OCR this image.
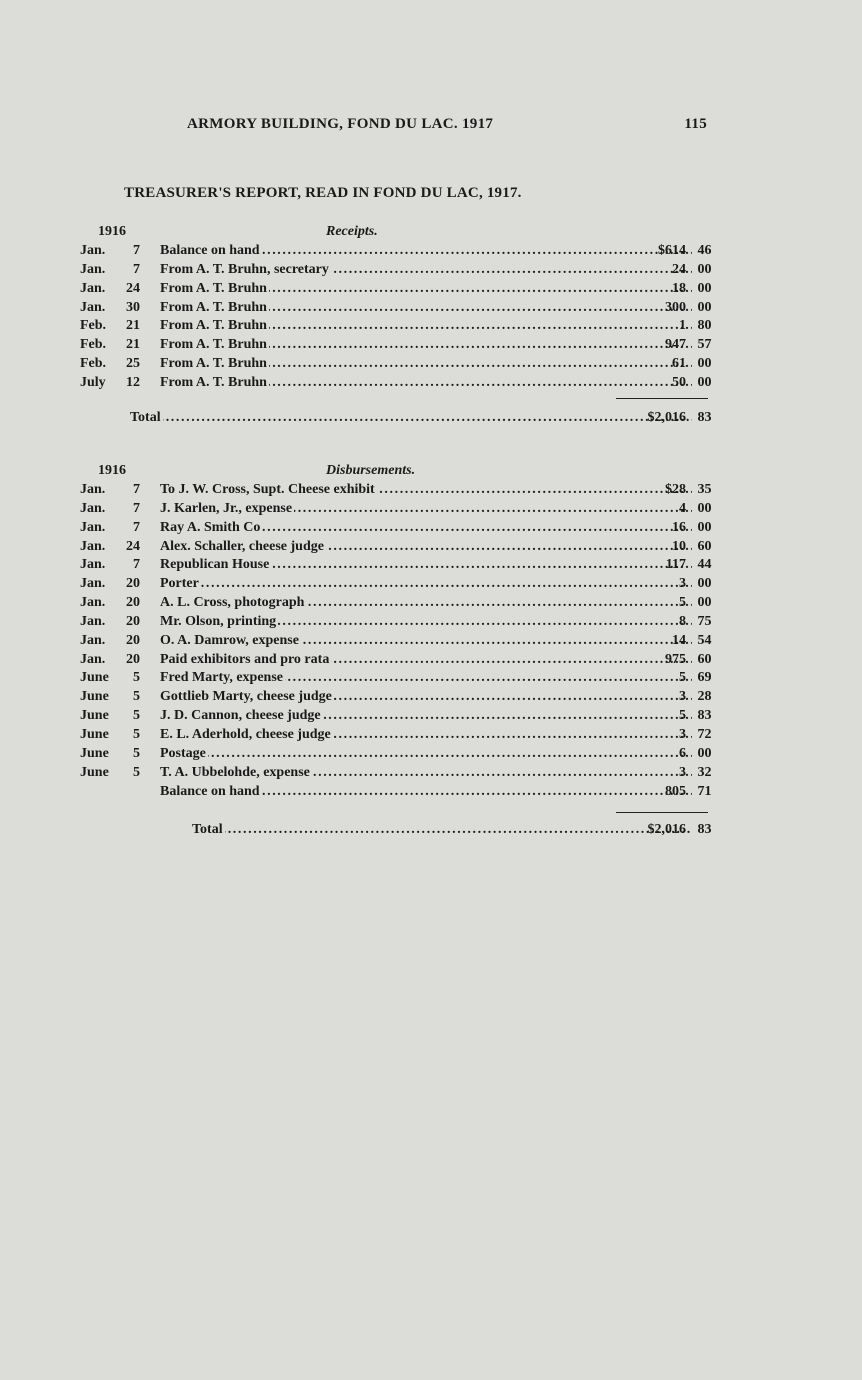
ARMORY BUILDING, FOND DU LAC. 1917	115
TREASURER'S REPORT, READ IN FOND DU LAC, 1917.
1916	Receipts.
Jan. 7	Balance on hand .....	$614 46
Jan. 7	From A. T. Bruhn, secretary .....	24 00
Jan. 24	From A. T. Bruhn .....	18 00
Jan. 30	From A. T. Bruhn .....	300 00
Feb. 21	From A. T. Bruhn .....	1 80
Feb. 21	From A. T. Bruhn .....	947 57
Feb. 25	From A. T. Bruhn .....	61 00
July 12	From A. T. Bruhn .....	50 00
Total .....	$2,016 83
1916	Disbursements.
Jan. 7	To J. W. Cross, Supt. Cheese exhibit .....	$28 35
Jan. 7	J. Karlen, Jr., expense .....	4 00
Jan. 7	Ray A. Smith Co .....	16 00
Jan. 24	Alex. Schaller, cheese judge .....	10 60
Jan. 7	Republican House .....	117 44
Jan. 20	Porter .....	3 00
Jan. 20	A. L. Cross, photograph .....	5 00
Jan. 20	Mr. Olson, printing .....	8 75
Jan. 20	O. A. Damrow, expense .....	14 54
Jan. 20	Paid exhibitors and pro rata .....	975 60
June 5	Fred Marty, expense .....	5 69
June 5	Gottlieb Marty, cheese judge .....	3 28
June 5	J. D. Cannon, cheese judge .....	5 83
June 5	E. L. Aderhold, cheese judge .....	3 72
June 5	Postage .....	6 00
June 5	T. A. Ubbelohde, expense .....	3 32
Balance on hand .....	805 71
Total .....	$2,016 83
